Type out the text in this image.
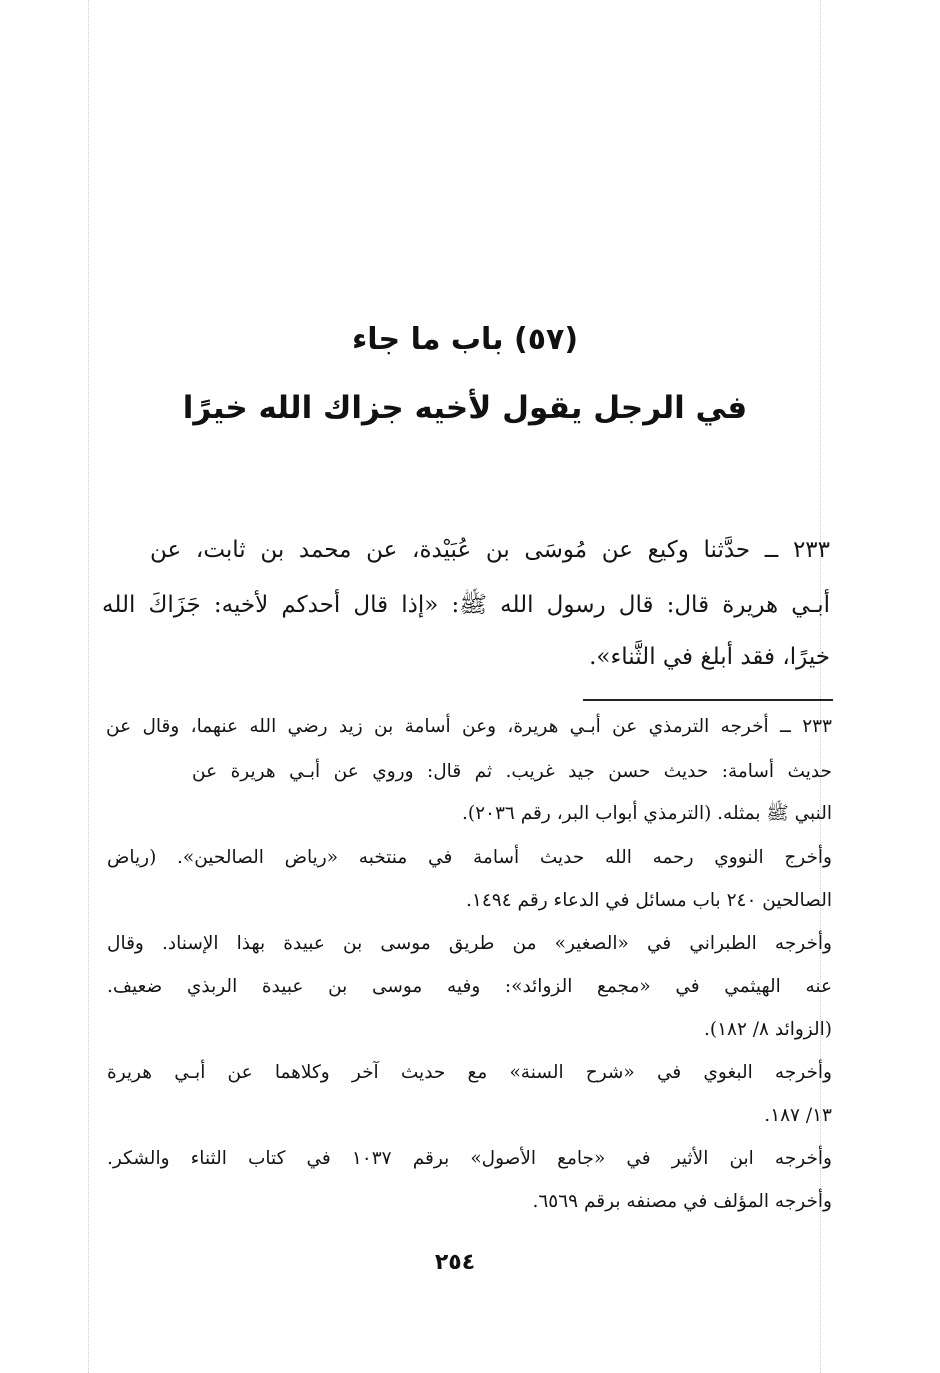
(٥٧) باب ما جاء
في الرجل يقول لأخيه جزاك الله خيرًا
٢٣٣ ــ حدَّثنا وكيع عن مُوسَى بن عُبَيْدة، عن محمد بن ثابت، عن
أبـي هريرة قال: قال رسول الله ﷺ: «إذا قال أحدكم لأخيه: جَزَاكَ الله
خيرًا، فقد أبلغ في الثَّناء».
٢٣٣ ــ أخرجه الترمذي عن أبـي هريرة، وعن أسامة بن زيد رضي الله عنهما، وقال عن
حديث أسامة: حديث حسن جيد غريب. ثم قال: وروي عن أبـي هريرة عن
النبي ﷺ بمثله. (الترمذي أبواب البر، رقم ٢٠٣٦).
وأخرج النووي رحمه الله حديث أسامة في منتخبه «رياض الصالحين». (رياض
الصالحين ٢٤٠ باب مسائل في الدعاء رقم ١٤٩٤.
وأخرجه الطبراني في «الصغير» من طريق موسى بن عبيدة بهذا الإسناد. وقال
عنه الهيثمي في «مجمع الزوائد»: وفيه موسى بن عبيدة الربذي ضعيف.
(الزوائد ٨/ ١٨٢).
وأخرجه البغوي في «شرح السنة» مع حديث آخر وكلاهما عن أبـي هريرة
١٣/ ١٨٧.
وأخرجه ابن الأثير في «جامع الأصول» برقم ١٠٣٧ في كتاب الثناء والشكر.
وأخرجه المؤلف في مصنفه برقم ٦٥٦٩.
٢٥٤
